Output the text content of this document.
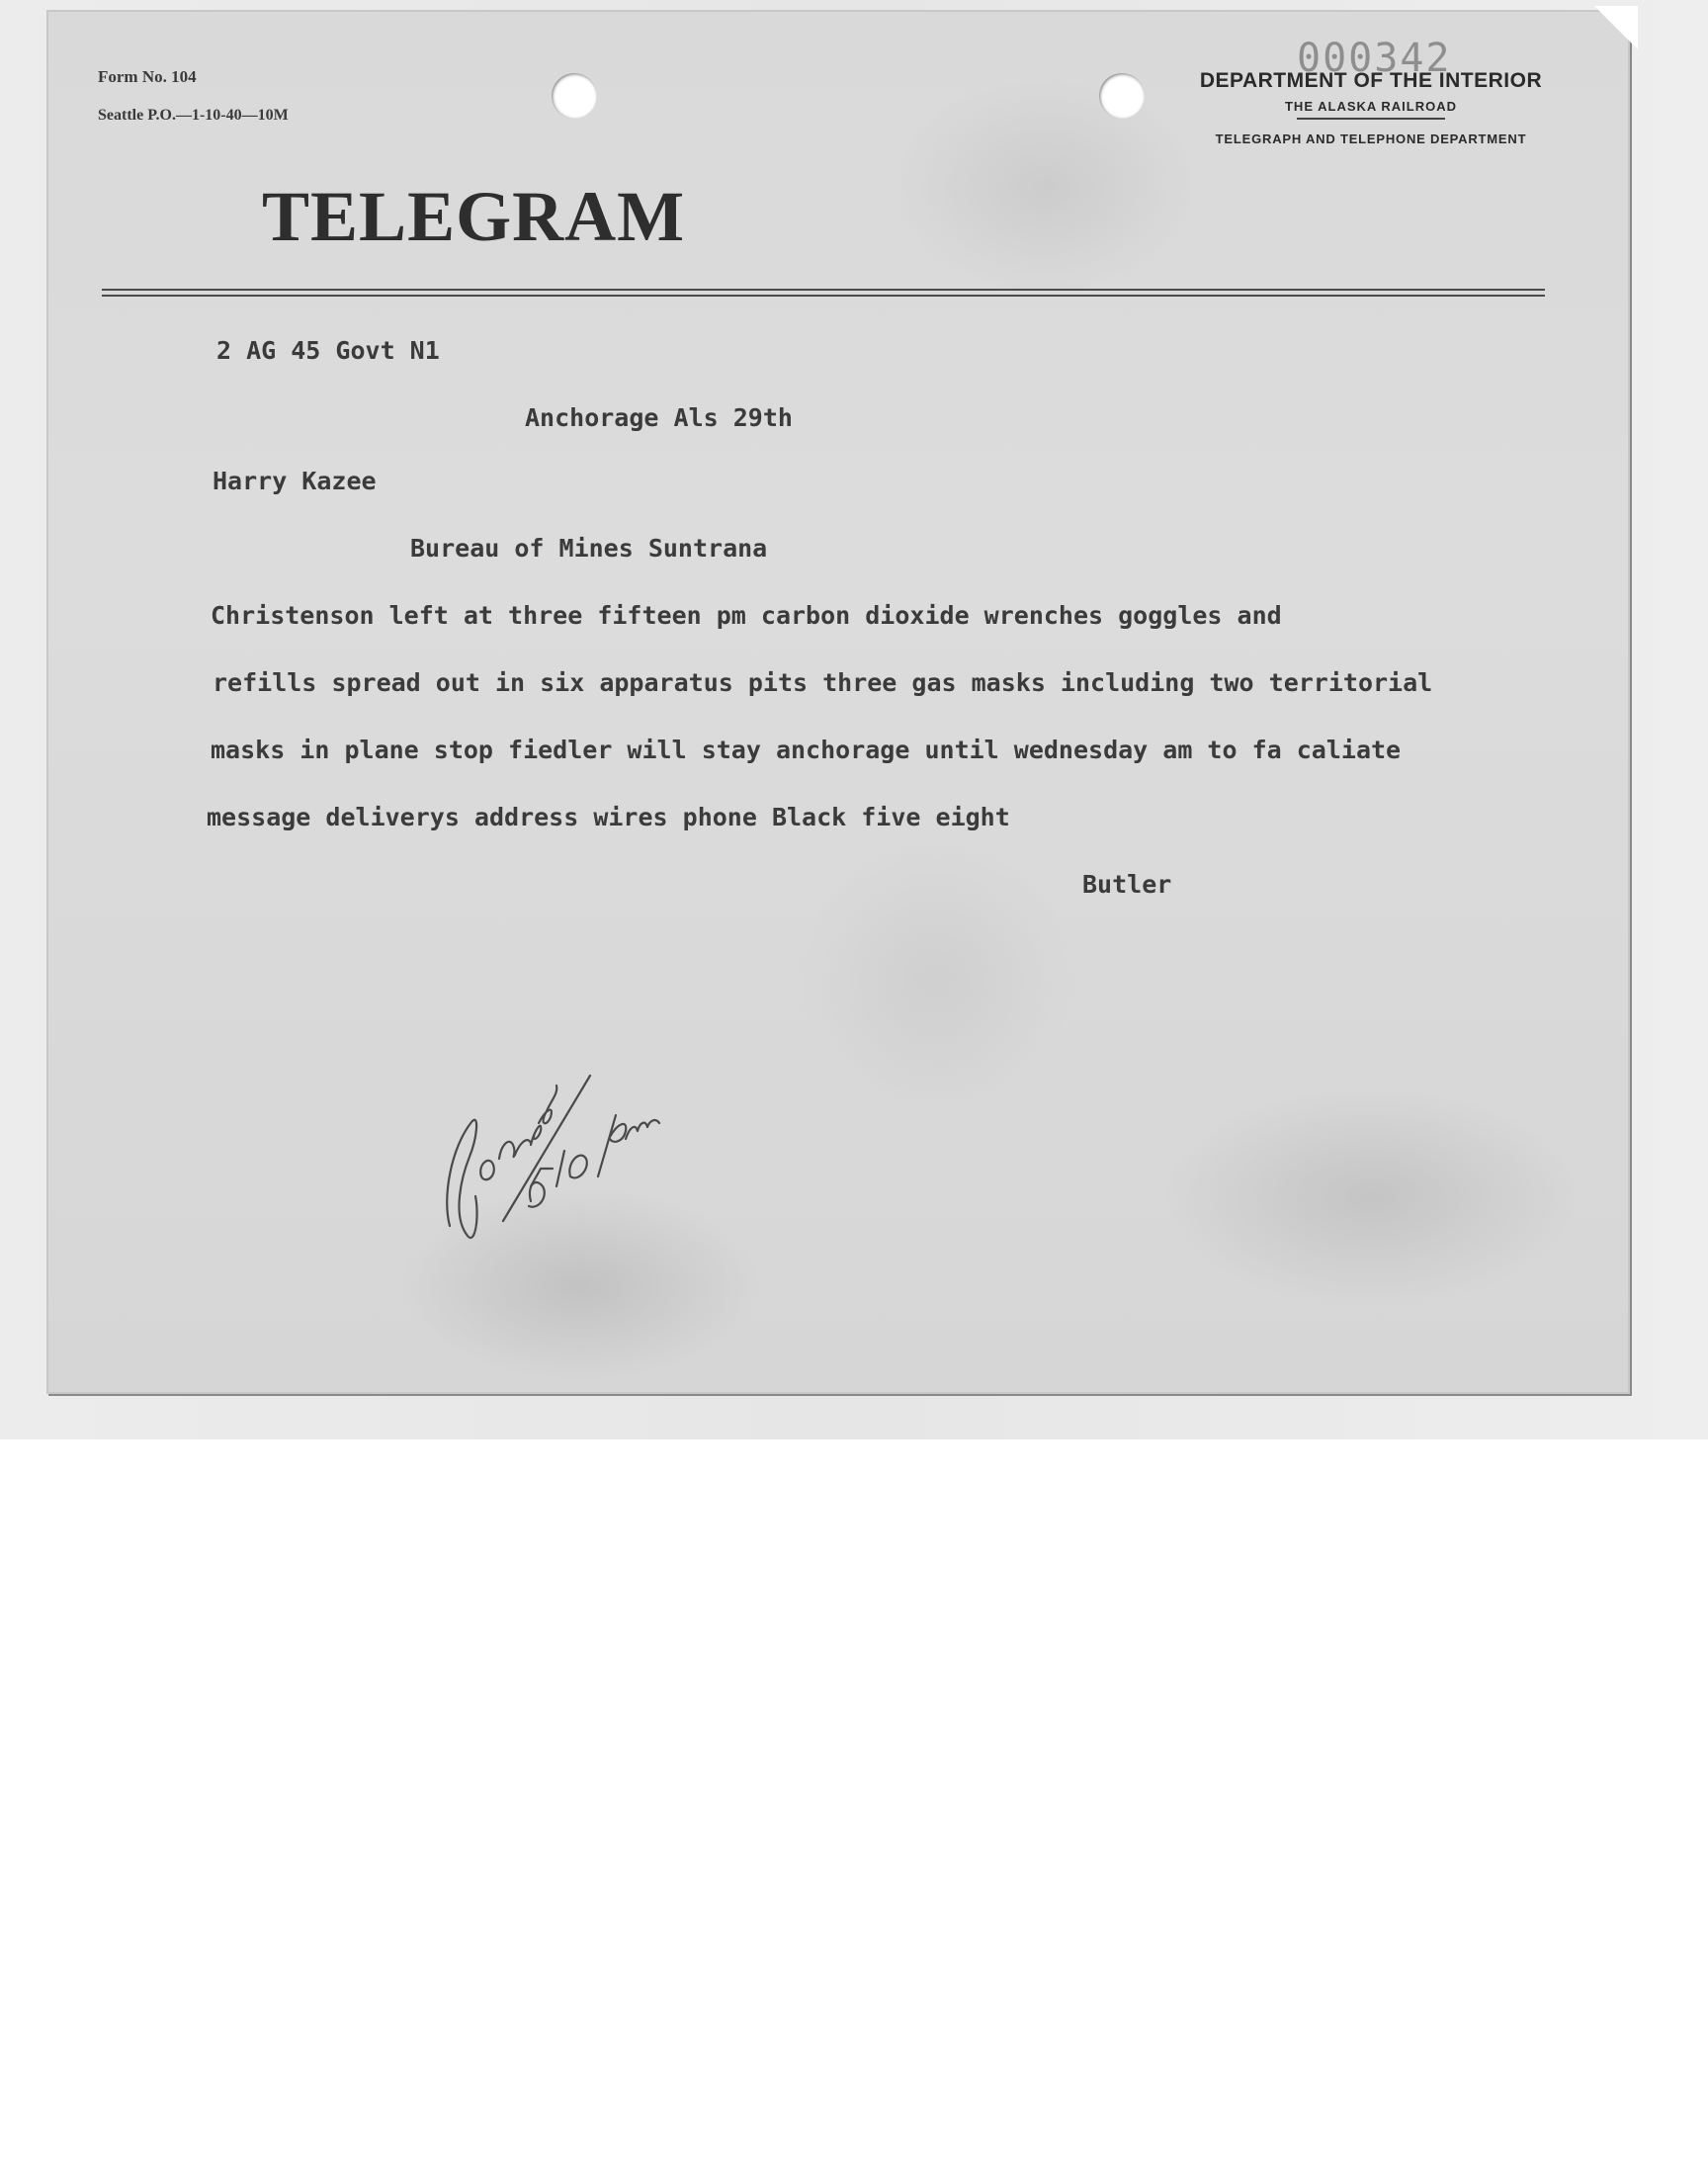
Form No. 104
Seattle P.O.—1-10-40—10M
000342
DEPARTMENT OF THE INTERIOR
THE ALASKA RAILROAD
TELEGRAPH AND TELEPHONE DEPARTMENT
TELEGRAM
2 AG 45 Govt N1
Anchorage Als 29th
Harry Kazee
Bureau of Mines Suntrana
Christenson left at three fifteen pm carbon dioxide wrenches goggles and
refills spread out in six apparatus pits three gas masks including two territorial
masks in plane stop fiedler will stay anchorage until wednesday am to fa caliate
message deliverys address wires phone Black five eight
Butler
